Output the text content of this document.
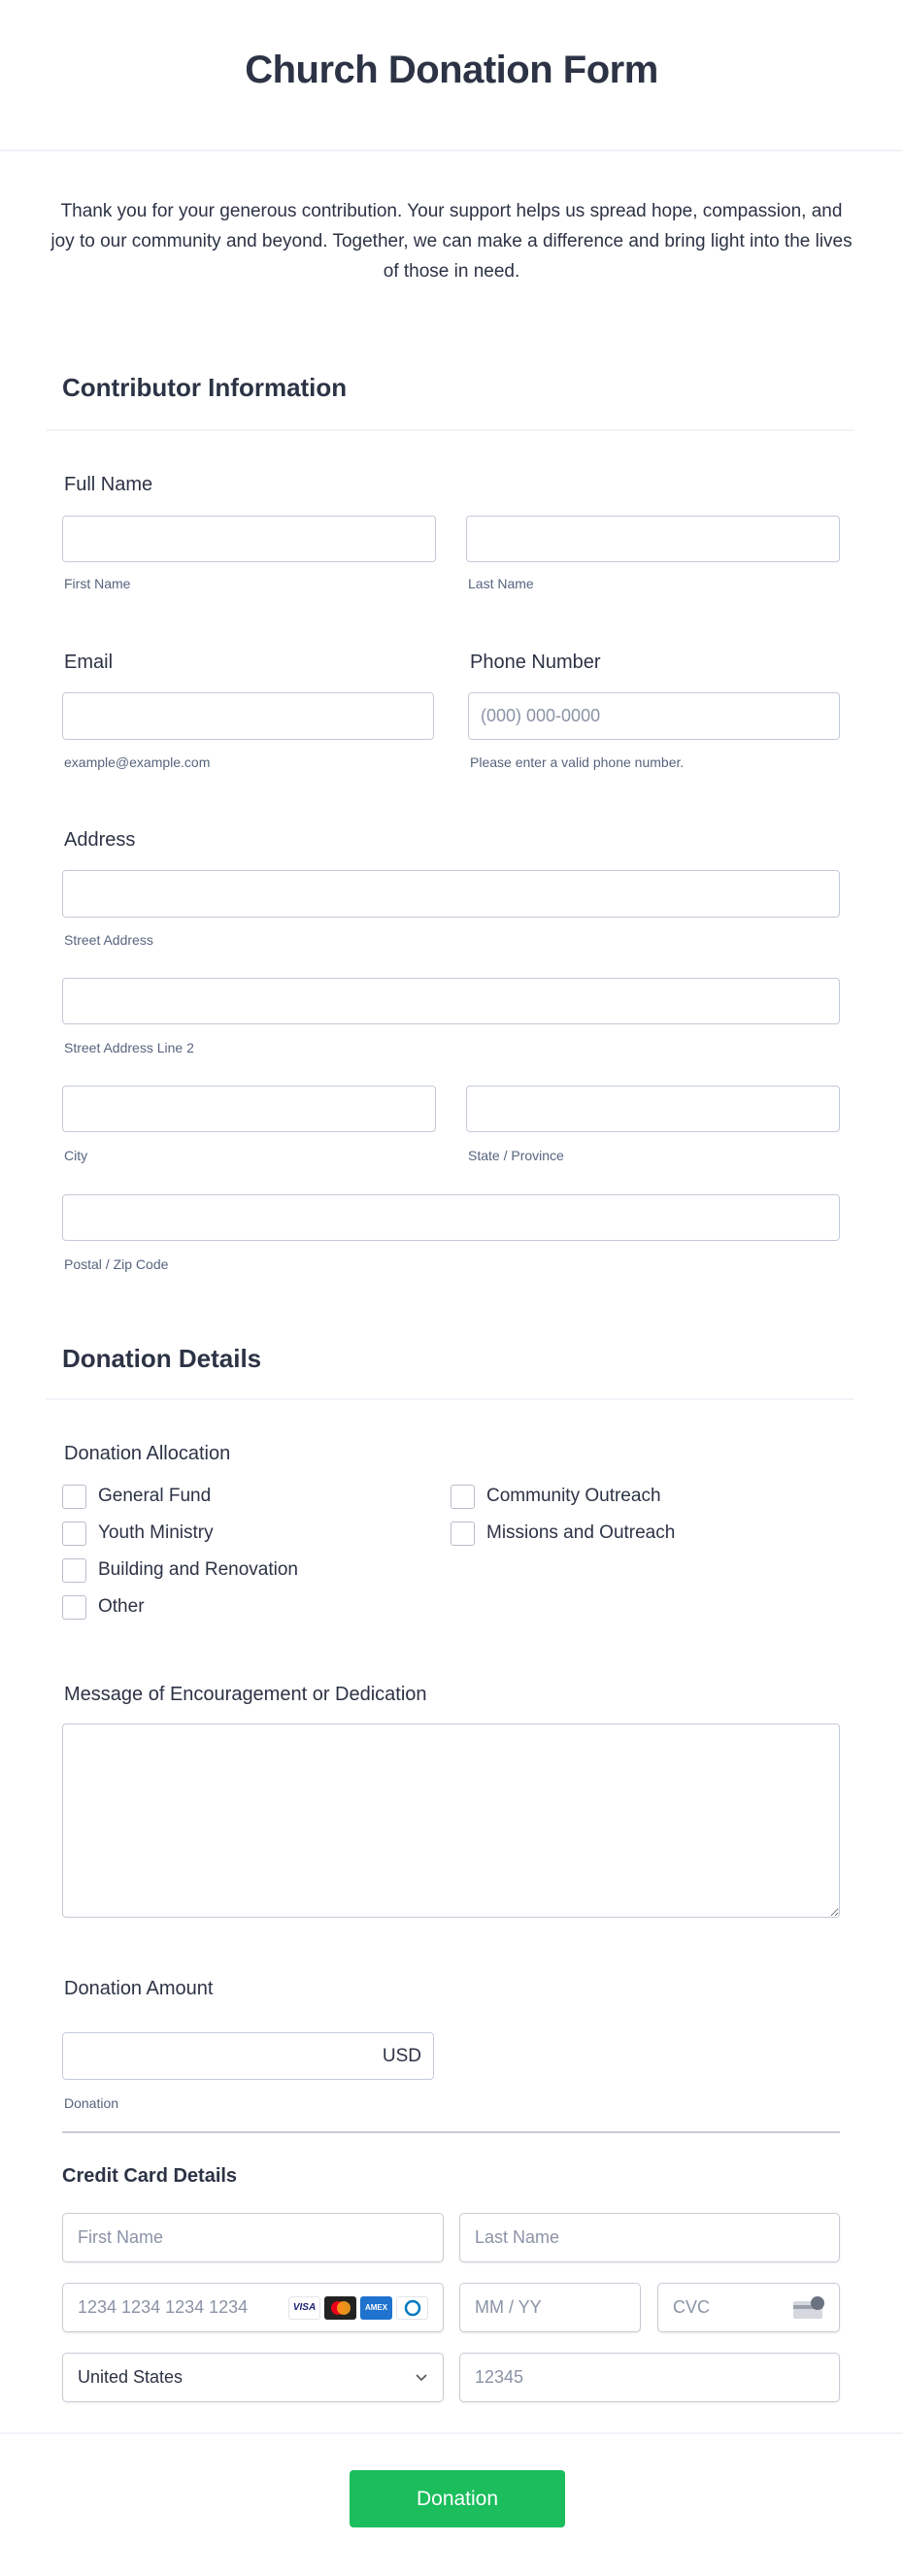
Church Donation Form
Thank you for your generous contribution. Your support helps us spread hope, compassion, and joy to our community and beyond. Together, we can make a difference and bring light into the lives of those in need.
Contributor Information
Full Name
First Name	Last Name
Email	Phone Number
(000) 000-0000
example@example.com	Please enter a valid phone number.
Address
Street Address
Street Address Line 2
City	State / Province
Postal / Zip Code
Donation Details
Donation Allocation
General Fund	Community Outreach
Youth Ministry	Missions and Outreach
Building and Renovation
Other
Message of Encouragement or Dedication
Donation Amount
USD
Donation
Credit Card Details
First Name	Last Name
1234 1234 1234 1234	VISA	AMEX	MM / YY	CVC
United States	12345
Donation
